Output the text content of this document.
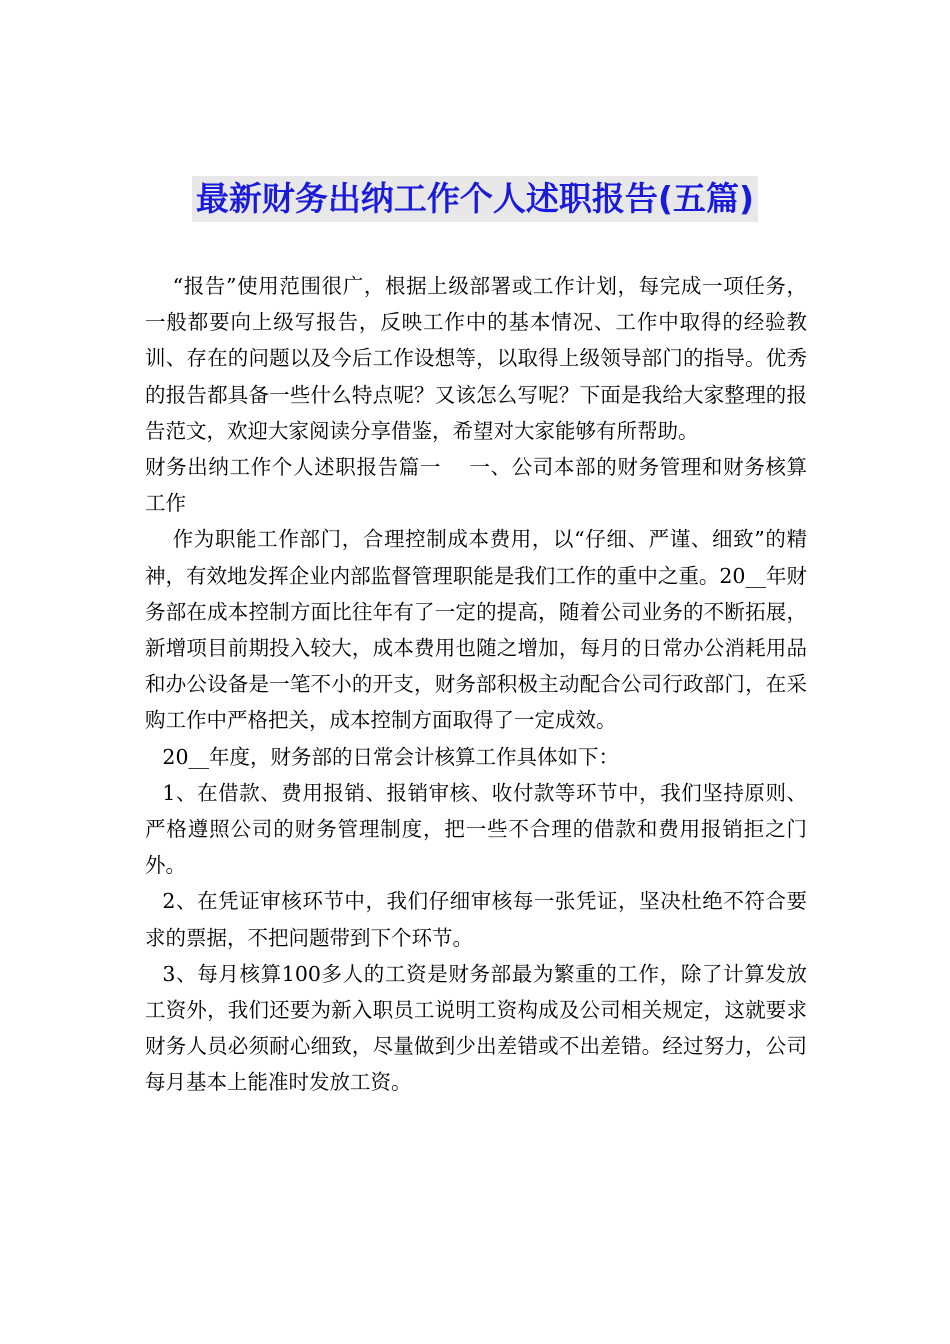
最新财务出纳工作个人述职报告(五篇)

“报告”使用范围很广，根据上级部署或工作计划，每完成一项任务，一般都要向上级写报告，反映工作中的基本情况、工作中取得的经验教训、存在的问题以及今后工作设想等，以取得上级领导部门的指导。优秀的报告都具备一些什么特点呢？又该怎么写呢？下面是我给大家整理的报告范文，欢迎大家阅读分享借鉴，希望对大家能够有所帮助。

财务出纳工作个人述职报告篇一　 一、公司本部的财务管理和财务核算工作

作为职能工作部门，合理控制成本费用，以“仔细、严谨、细致”的精神，有效地发挥企业内部监督管理职能是我们工作的重中之重。20__年财务部在成本控制方面比往年有了一定的提高，随着公司业务的不断拓展，新增项目前期投入较大，成本费用也随之增加，每月的日常办公消耗用品和办公设备是一笔不小的开支，财务部积极主动配合公司行政部门，在采购工作中严格把关，成本控制方面取得了一定成效。

20__年度，财务部的日常会计核算工作具体如下：

1、在借款、费用报销、报销审核、收付款等环节中，我们坚持原则、严格遵照公司的财务管理制度，把一些不合理的借款和费用报销拒之门外。

2、在凭证审核环节中，我们仔细审核每一张凭证，坚决杜绝不符合要求的票据，不把问题带到下个环节。

3、每月核算100多人的工资是财务部最为繁重的工作，除了计算发放工资外，我们还要为新入职员工说明工资构成及公司相关规定，这就要求财务人员必须耐心细致，尽量做到少出差错或不出差错。经过努力，公司每月基本上能准时发放工资。
